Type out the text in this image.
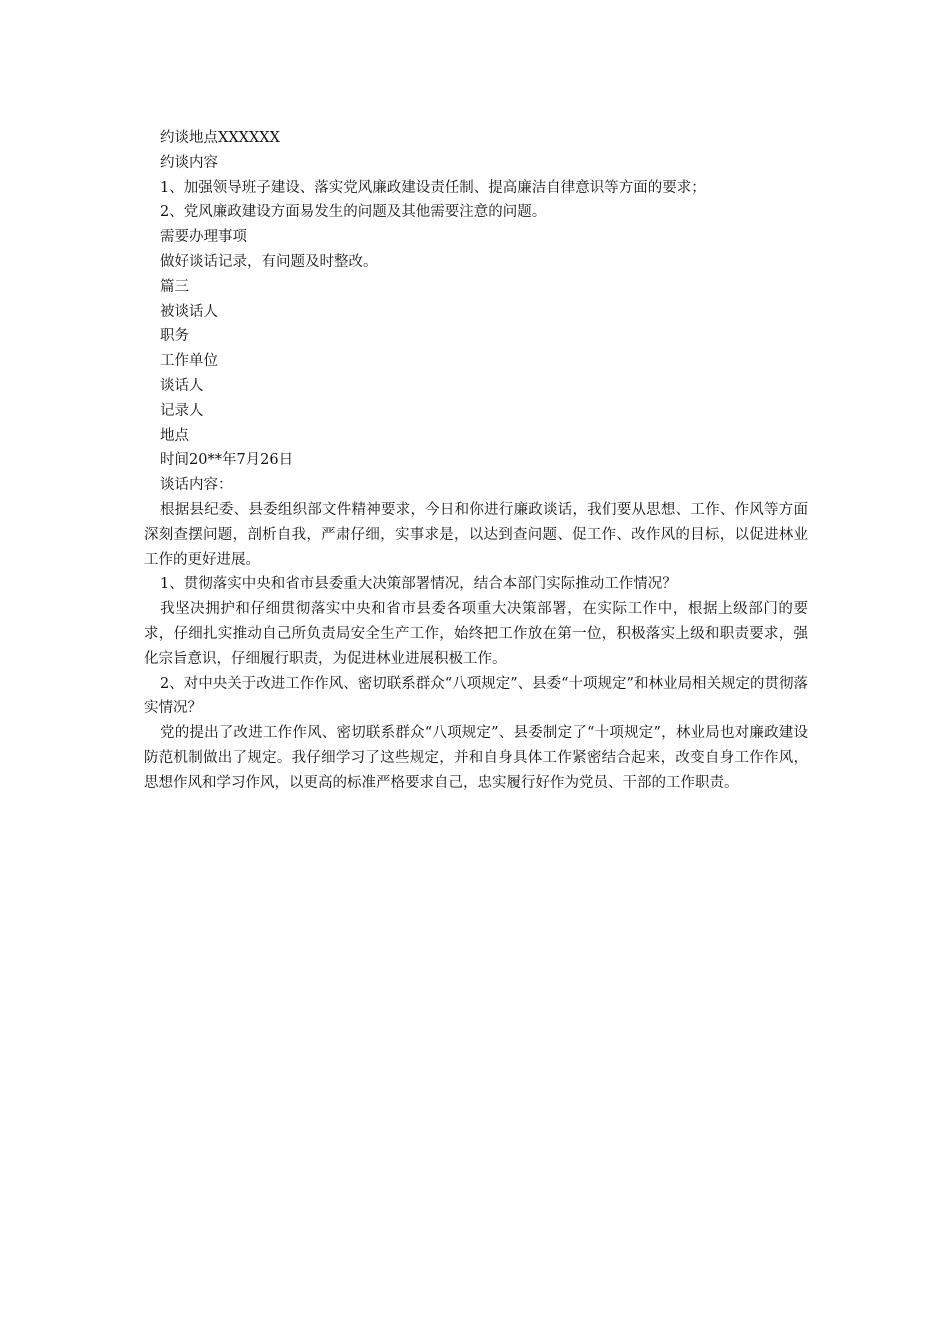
约谈地点XXXXXX

约谈内容

1、加强领导班子建设、落实党风廉政建设责任制、提高廉洁自律意识等方面的要求；

2、党风廉政建设方面易发生的问题及其他需要注意的问题。

需要办理事项

做好谈话记录，有问题及时整改。

篇三

被谈话人

职务

工作单位

谈话人

记录人

地点

时间20**年7月26日

谈话内容：

根据县纪委、县委组织部文件精神要求，今日和你进行廉政谈话，我们要从思想、工作、作风等方面深刻查摆问题，剖析自我，严肃仔细，实事求是，以达到查问题、促工作、改作风的目标，以促进林业工作的更好进展。

1、贯彻落实中央和省市县委重大决策部署情况，结合本部门实际推动工作情况？

我坚决拥护和仔细贯彻落实中央和省市县委各项重大决策部署，在实际工作中，根据上级部门的要求，仔细扎实推动自己所负责局安全生产工作，始终把工作放在第一位，积极落实上级和职责要求，强化宗旨意识，仔细履行职责，为促进林业进展积极工作。

2、对中央关于改进工作作风、密切联系群众“八项规定”、县委“十项规定”和林业局相关规定的贯彻落实情况？

党的提出了改进工作作风、密切联系群众“八项规定”、县委制定了“十项规定”，林业局也对廉政建设防范机制做出了规定。我仔细学习了这些规定，并和自身具体工作紧密结合起来，改变自身工作作风，思想作风和学习作风，以更高的标准严格要求自己，忠实履行好作为党员、干部的工作职责。
